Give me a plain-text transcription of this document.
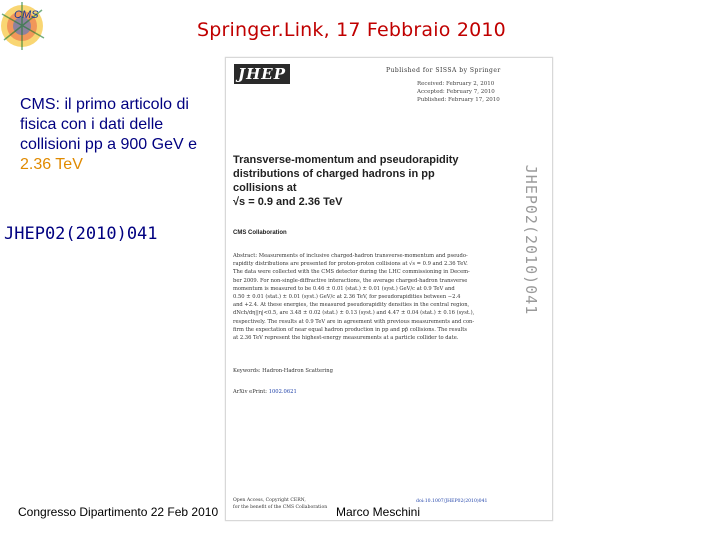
CMS
Springer.Link, 17 Febbraio 2010
CMS: il primo articolo di fisica con i dati delle collisioni pp a 900 GeV e 2.36 TeV
JHEP02(2010)041
JHEP	Published for SISSA by Springer
Received: February 2, 2010
Accepted: February 7, 2010
Published: February 17, 2010
Transverse-momentum and pseudorapidity
distributions of charged hadrons in pp collisions at
√s = 0.9 and 2.36 TeV
CMS Collaboration
Abstract: Measurements of inclusive charged-hadron transverse-momentum and pseudo-
rapidity distributions are presented for proton-proton collisions at √s = 0.9 and 2.36 TeV.
The data were collected with the CMS detector during the LHC commissioning in Decem-
ber 2009. For non-single-diffractive interactions, the average charged-hadron transverse
momentum is measured to be 0.46 ± 0.01 (stat.) ± 0.01 (syst.) GeV/c at 0.9 TeV and
0.50 ± 0.01 (stat.) ± 0.01 (syst.) GeV/c at 2.36 TeV, for pseudorapidities between −2.4
and +2.4. At these energies, the measured pseudorapidity densities in the central region,
dNch/dη||η|<0.5, are 3.48 ± 0.02 (stat.) ± 0.13 (syst.) and 4.47 ± 0.04 (stat.) ± 0.16 (syst.),
respectively. The results at 0.9 TeV are in agreement with previous measurements and con-
firm the expectation of near equal hadron production in pp and pp̄ collisions. The results
at 2.36 TeV represent the highest-energy measurements at a particle collider to date.
Keywords: Hadron-Hadron Scattering
ArXiv ePrint: 1002.0621
Open Access, Copyright CERN,
for the benefit of the CMS Collaboration
doi:10.1007/JHEP02(2010)041
JHEP02(2010)041
Congresso Dipartimento 22 Feb 2010	Marco Meschini
